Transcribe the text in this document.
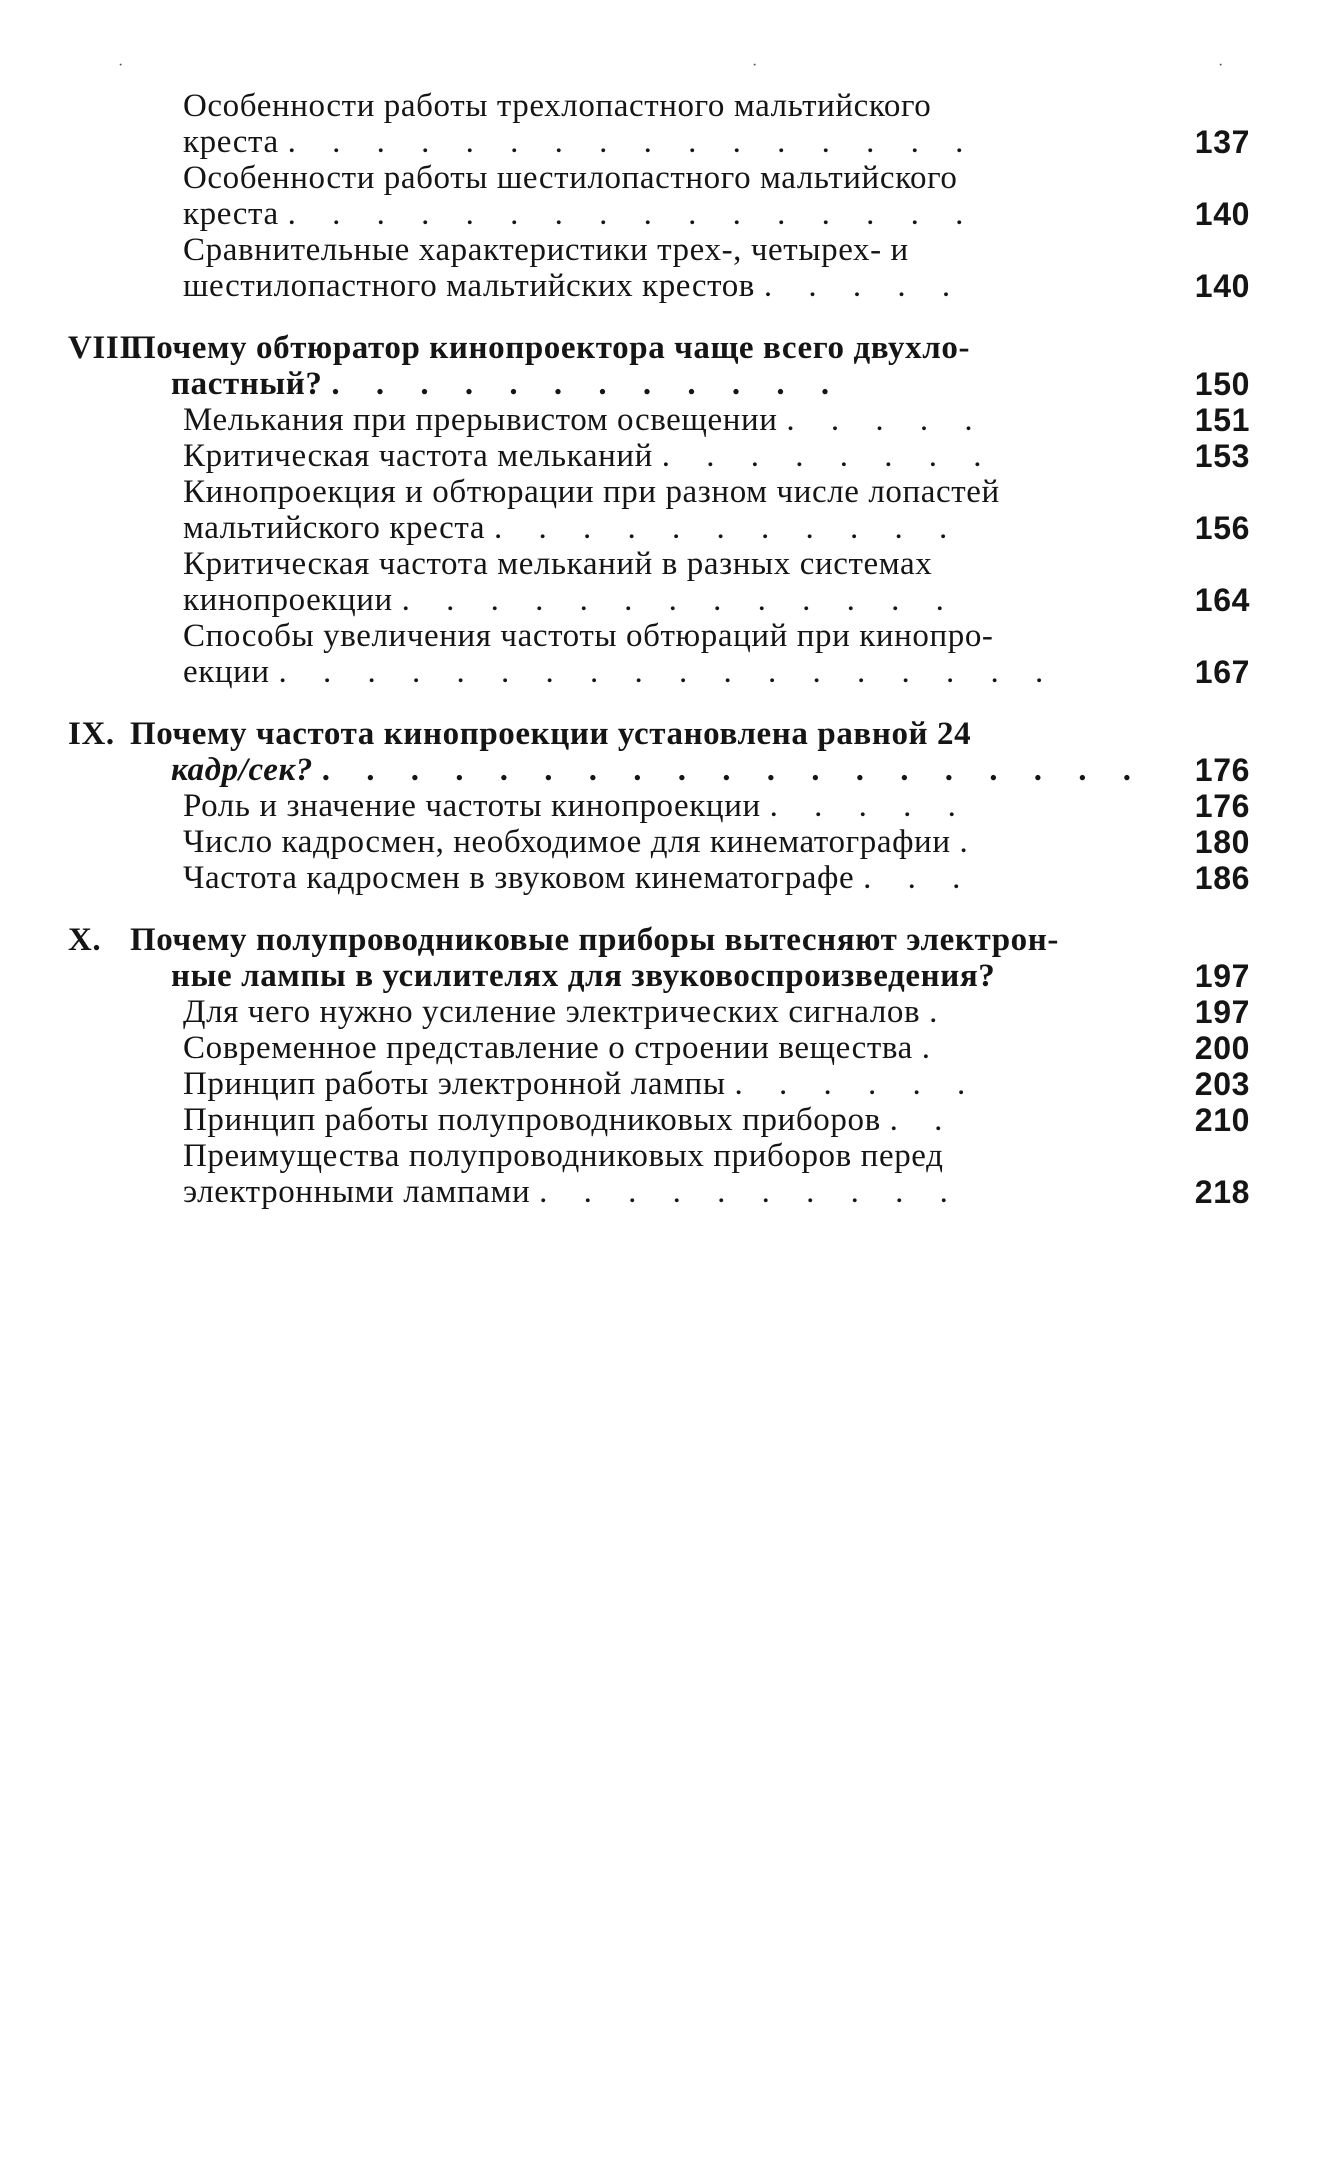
·	·	·
Особенности работы трехлопастного мальтийского
креста . . . . . . . . . . . . . . . .	137
Особенности работы шестилопастного мальтийского
креста . . . . . . . . . . . . . . . .	140
Сравнительные характеристики трех-, четырех- и
шестилопастного мальтийских крестов . . . . .	140
VIII.Почему обтюратор кинопроектора чаще всего двухло-
пастный? . . . . . . . . . . . .	150
Мелькания при прерывистом освещении . . . . .	151
Критическая частота мельканий . . . . . . . .	153
Кинопроекция и обтюрации при разном числе лопастей
мальтийского креста . . . . . . . . . . .	156
Критическая частота мельканий в разных системах
кинопроекции . . . . . . . . . . . . .	164
Способы увеличения частоты обтюраций при кинопро-
екции . . . . . . . . . . . . . . . . . .	167
IX. Почему частота кинопроекции установлена равной 24
кадр/сек? . . . . . . . . . . . . . . . . . . .	176
Роль и значение частоты кинопроекции . . . . .	176
Число кадросмен, необходимое для кинематографии .	180
Частота кадросмен в звуковом кинематографе . . .	186
X. Почему полупроводниковые приборы вытесняют электрон-
ные лампы в усилителях для звуковоспроизведения?	197
Для чего нужно усиление электрических сигналов .	197
Современное представление о строении вещества .	200
Принцип работы электронной лампы . . . . . .	203
Принцип работы полупроводниковых приборов . .	210
Преимущества полупроводниковых приборов перед
электронными лампами . . . . . . . . . .	218
